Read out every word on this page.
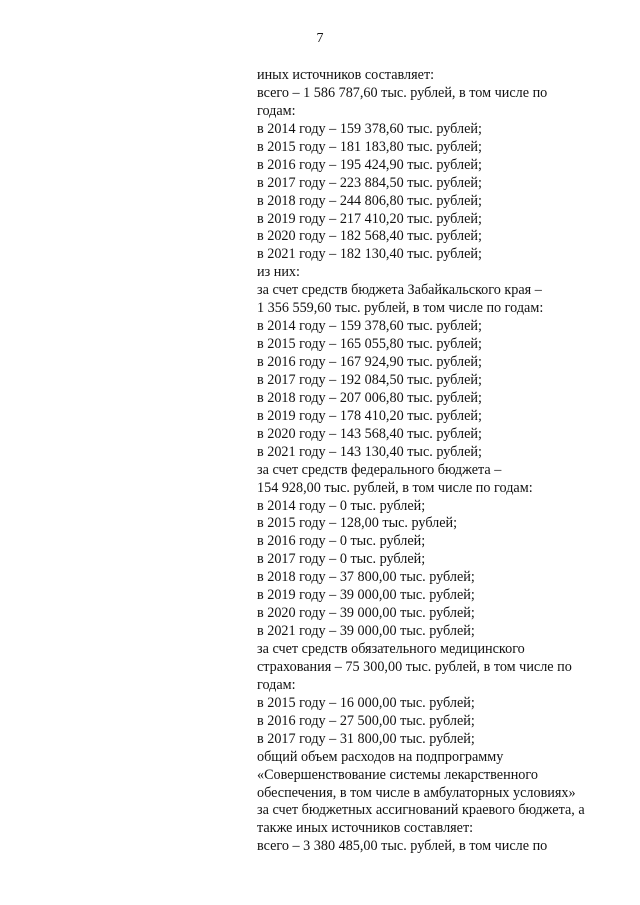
7
иных источников составляет:
всего – 1 586 787,60 тыс. рублей, в том числе по
годам:
в 2014 году – 159 378,60 тыс. рублей;
в 2015 году – 181 183,80 тыс. рублей;
в 2016 году – 195 424,90 тыс. рублей;
в 2017 году – 223 884,50 тыс. рублей;
в 2018 году – 244 806,80 тыс. рублей;
в 2019 году – 217 410,20 тыс. рублей;
в 2020 году – 182 568,40 тыс. рублей;
в 2021 году – 182 130,40 тыс. рублей;
из них:
за счет средств бюджета Забайкальского края –
1 356 559,60 тыс. рублей, в том числе по годам:
в 2014 году – 159 378,60 тыс. рублей;
в 2015 году – 165 055,80 тыс. рублей;
в 2016 году – 167 924,90 тыс. рублей;
в 2017 году – 192 084,50 тыс. рублей;
в 2018 году – 207 006,80 тыс. рублей;
в 2019 году – 178 410,20 тыс. рублей;
в 2020 году – 143 568,40 тыс. рублей;
в 2021 году – 143 130,40 тыс. рублей;
за счет средств федерального бюджета –
154 928,00 тыс. рублей, в том числе по годам:
в 2014 году – 0 тыс. рублей;
в 2015 году – 128,00 тыс. рублей;
в 2016 году – 0 тыс. рублей;
в 2017 году – 0 тыс. рублей;
в 2018 году – 37 800,00 тыс. рублей;
в 2019 году – 39 000,00 тыс. рублей;
в 2020 году – 39 000,00 тыс. рублей;
в 2021 году – 39 000,00 тыс. рублей;
за счет средств обязательного медицинского
страхования – 75 300,00 тыс. рублей, в том числе по
годам:
в 2015 году – 16 000,00 тыс. рублей;
в 2016 году – 27 500,00 тыс. рублей;
в 2017 году – 31 800,00 тыс. рублей;
общий объем расходов на подпрограмму
«Совершенствование системы лекарственного
обеспечения, в том числе в амбулаторных условиях»
за счет бюджетных ассигнований краевого бюджета, а
также иных источников составляет:
всего – 3 380 485,00 тыс. рублей, в том числе по
